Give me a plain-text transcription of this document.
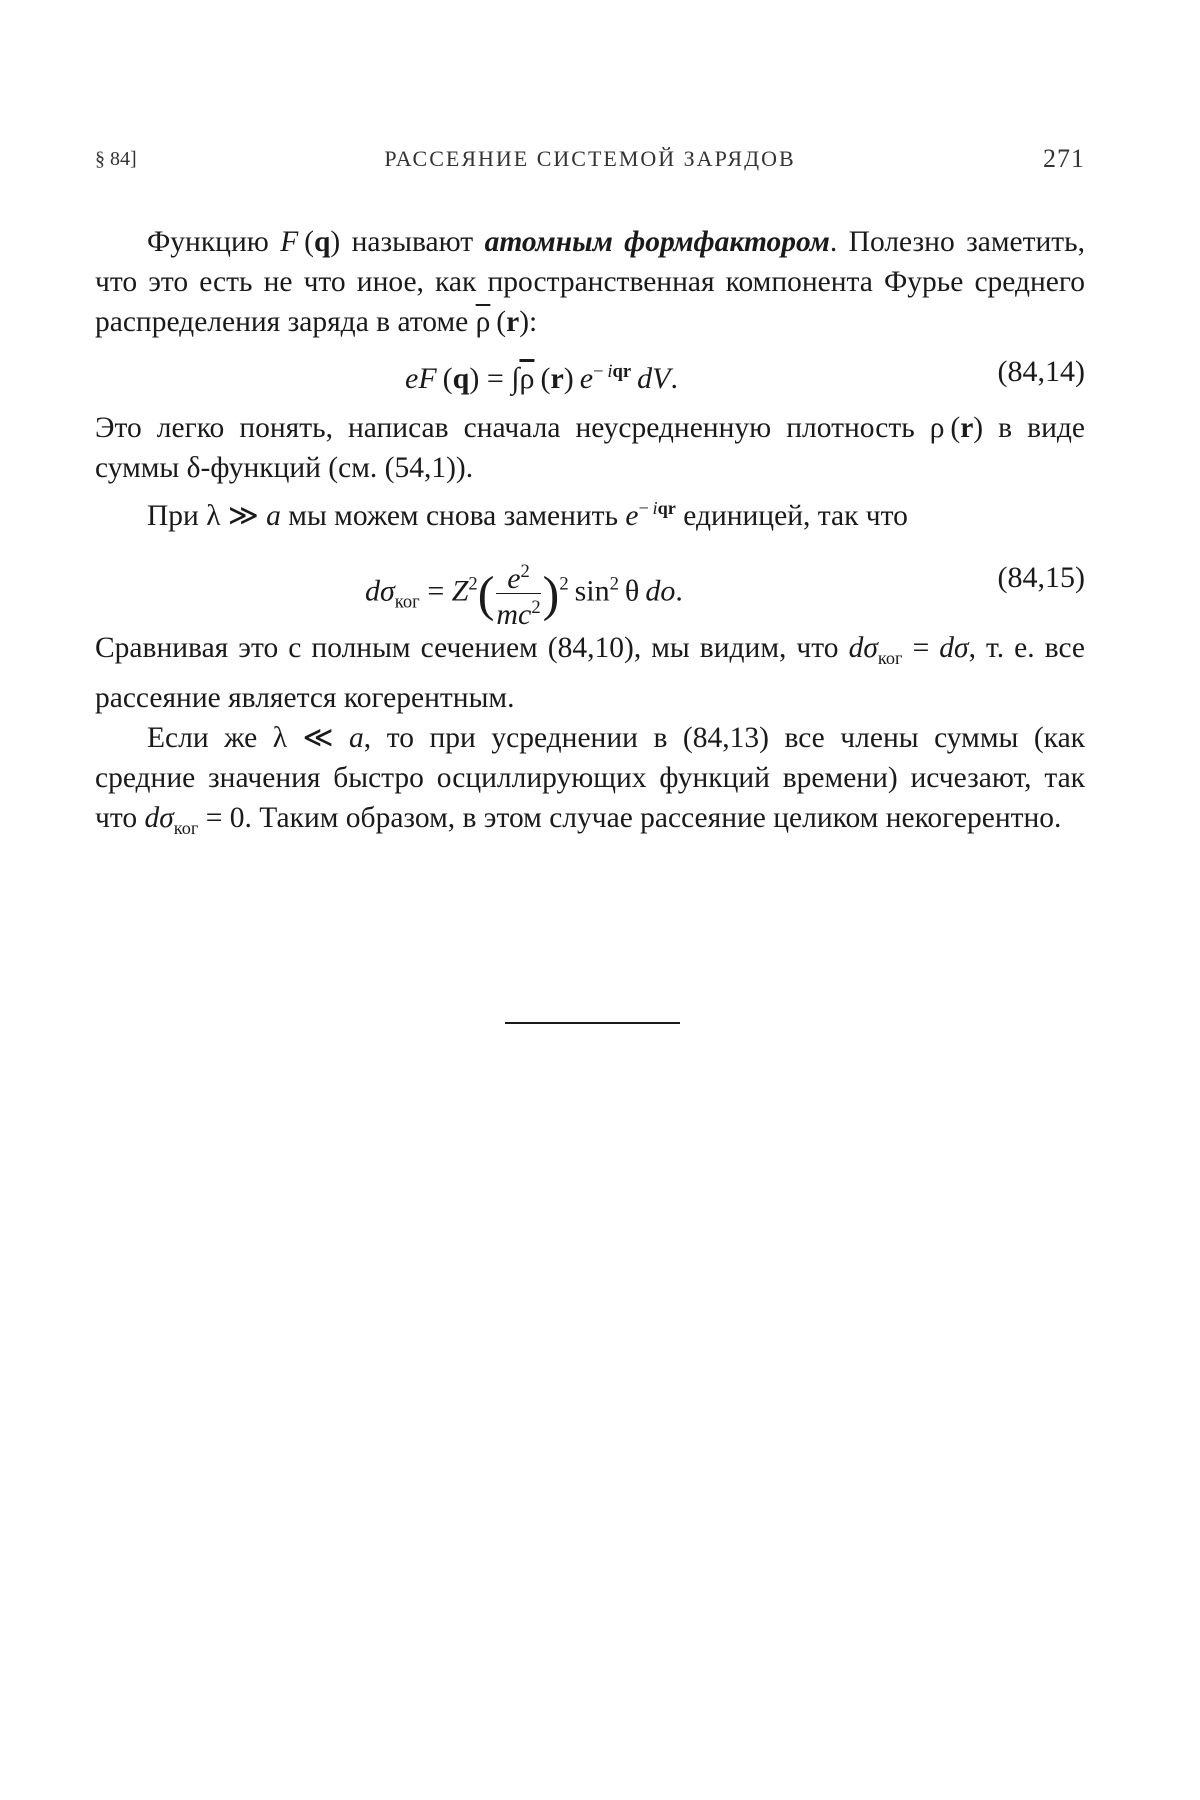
§ 84]	РАССЕЯНИЕ СИСТЕМОЙ ЗАРЯДОВ	271

Функцию F (q) называют атомным формфактором. Полезно заметить, что это есть не что иное, как пространственная компонента Фурье среднего распределения заряда в атоме $\overline{\rho}$ (r):

eF $(q) = \int\overline{\rho}$ (r) $e^{- iqr}$  dV.	(84,14)

Это легко понять, написав сначала неусредненную плотность ρ (r) в виде суммы δ-функций (см. (54,1)).

При λ ≫ a мы можем снова заменить $e^{- iqr}$ единицей, так что

$d\sigma_{ког} = Z^2( \frac{e^2}{mc^2} )^2$ $\sin^2 \theta$ do.	(84,15)

Сравнивая это с полным сечением (84,10), мы видим, что $d\sigma_{ког} = d\sigma$, т. е. все рассеяние является когерентным.

Если же λ ≪ a, то при усреднении в (84,13) все члены суммы (как средние значения быстро осциллирующих функций времени) исчезают, так что $d\sigma_{ког} = 0$. Таким образом, в этом случае рассеяние целиком некогерентно.
